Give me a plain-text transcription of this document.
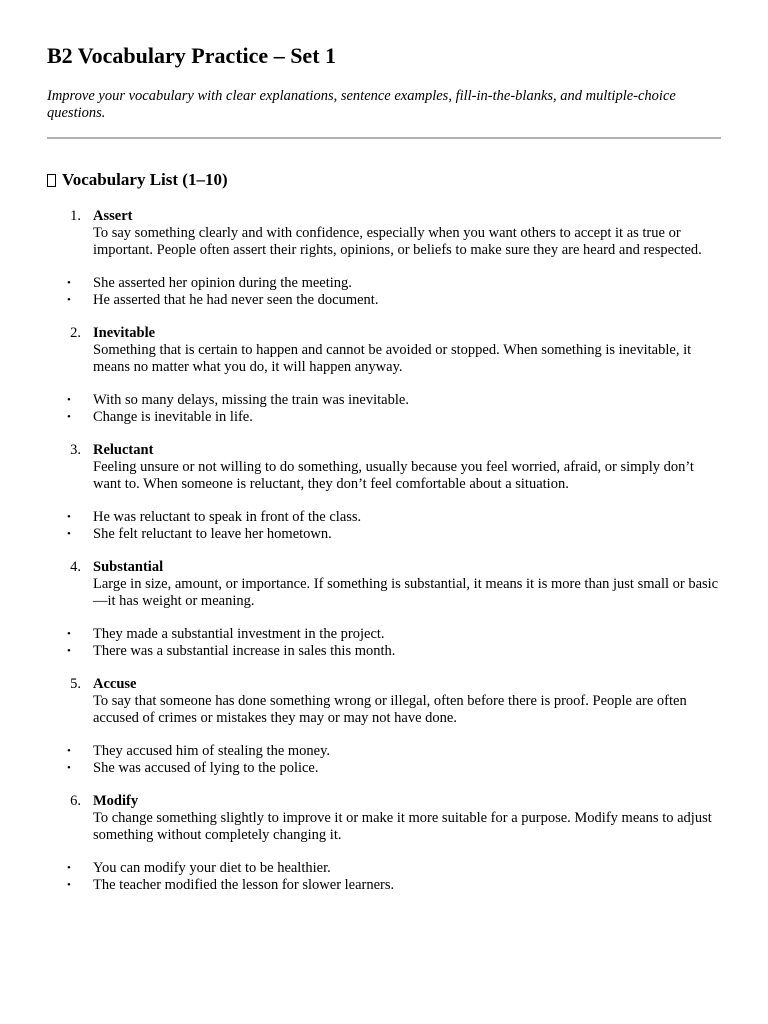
B2 Vocabulary Practice – Set 1

Improve your vocabulary with clear explanations, sentence examples, fill-in-the-blanks, and multiple-choice questions.

Vocabulary List (1–10)
1. Assert
To say something clearly and with confidence, especially when you want others to accept it as true or important. People often assert their rights, opinions, or beliefs to make sure they are heard and respected.
•	She asserted her opinion during the meeting.
•	He asserted that he had never seen the document.
2. Inevitable
Something that is certain to happen and cannot be avoided or stopped. When something is inevitable, it means no matter what you do, it will happen anyway.
•	With so many delays, missing the train was inevitable.
•	Change is inevitable in life.
3. Reluctant
Feeling unsure or not willing to do something, usually because you feel worried, afraid, or simply don’t want to. When someone is reluctant, they don’t feel comfortable about a situation.
•	He was reluctant to speak in front of the class.
•	She felt reluctant to leave her hometown.
4. Substantial
Large in size, amount, or importance. If something is substantial, it means it is more than just small or basic—it has weight or meaning.
•	They made a substantial investment in the project.
•	There was a substantial increase in sales this month.
5. Accuse
To say that someone has done something wrong or illegal, often before there is proof. People are often accused of crimes or mistakes they may or may not have done.
•	They accused him of stealing the money.
•	She was accused of lying to the police.
6. Modify
To change something slightly to improve it or make it more suitable for a purpose. Modify means to adjust something without completely changing it.
•	You can modify your diet to be healthier.
•	The teacher modified the lesson for slower learners.
